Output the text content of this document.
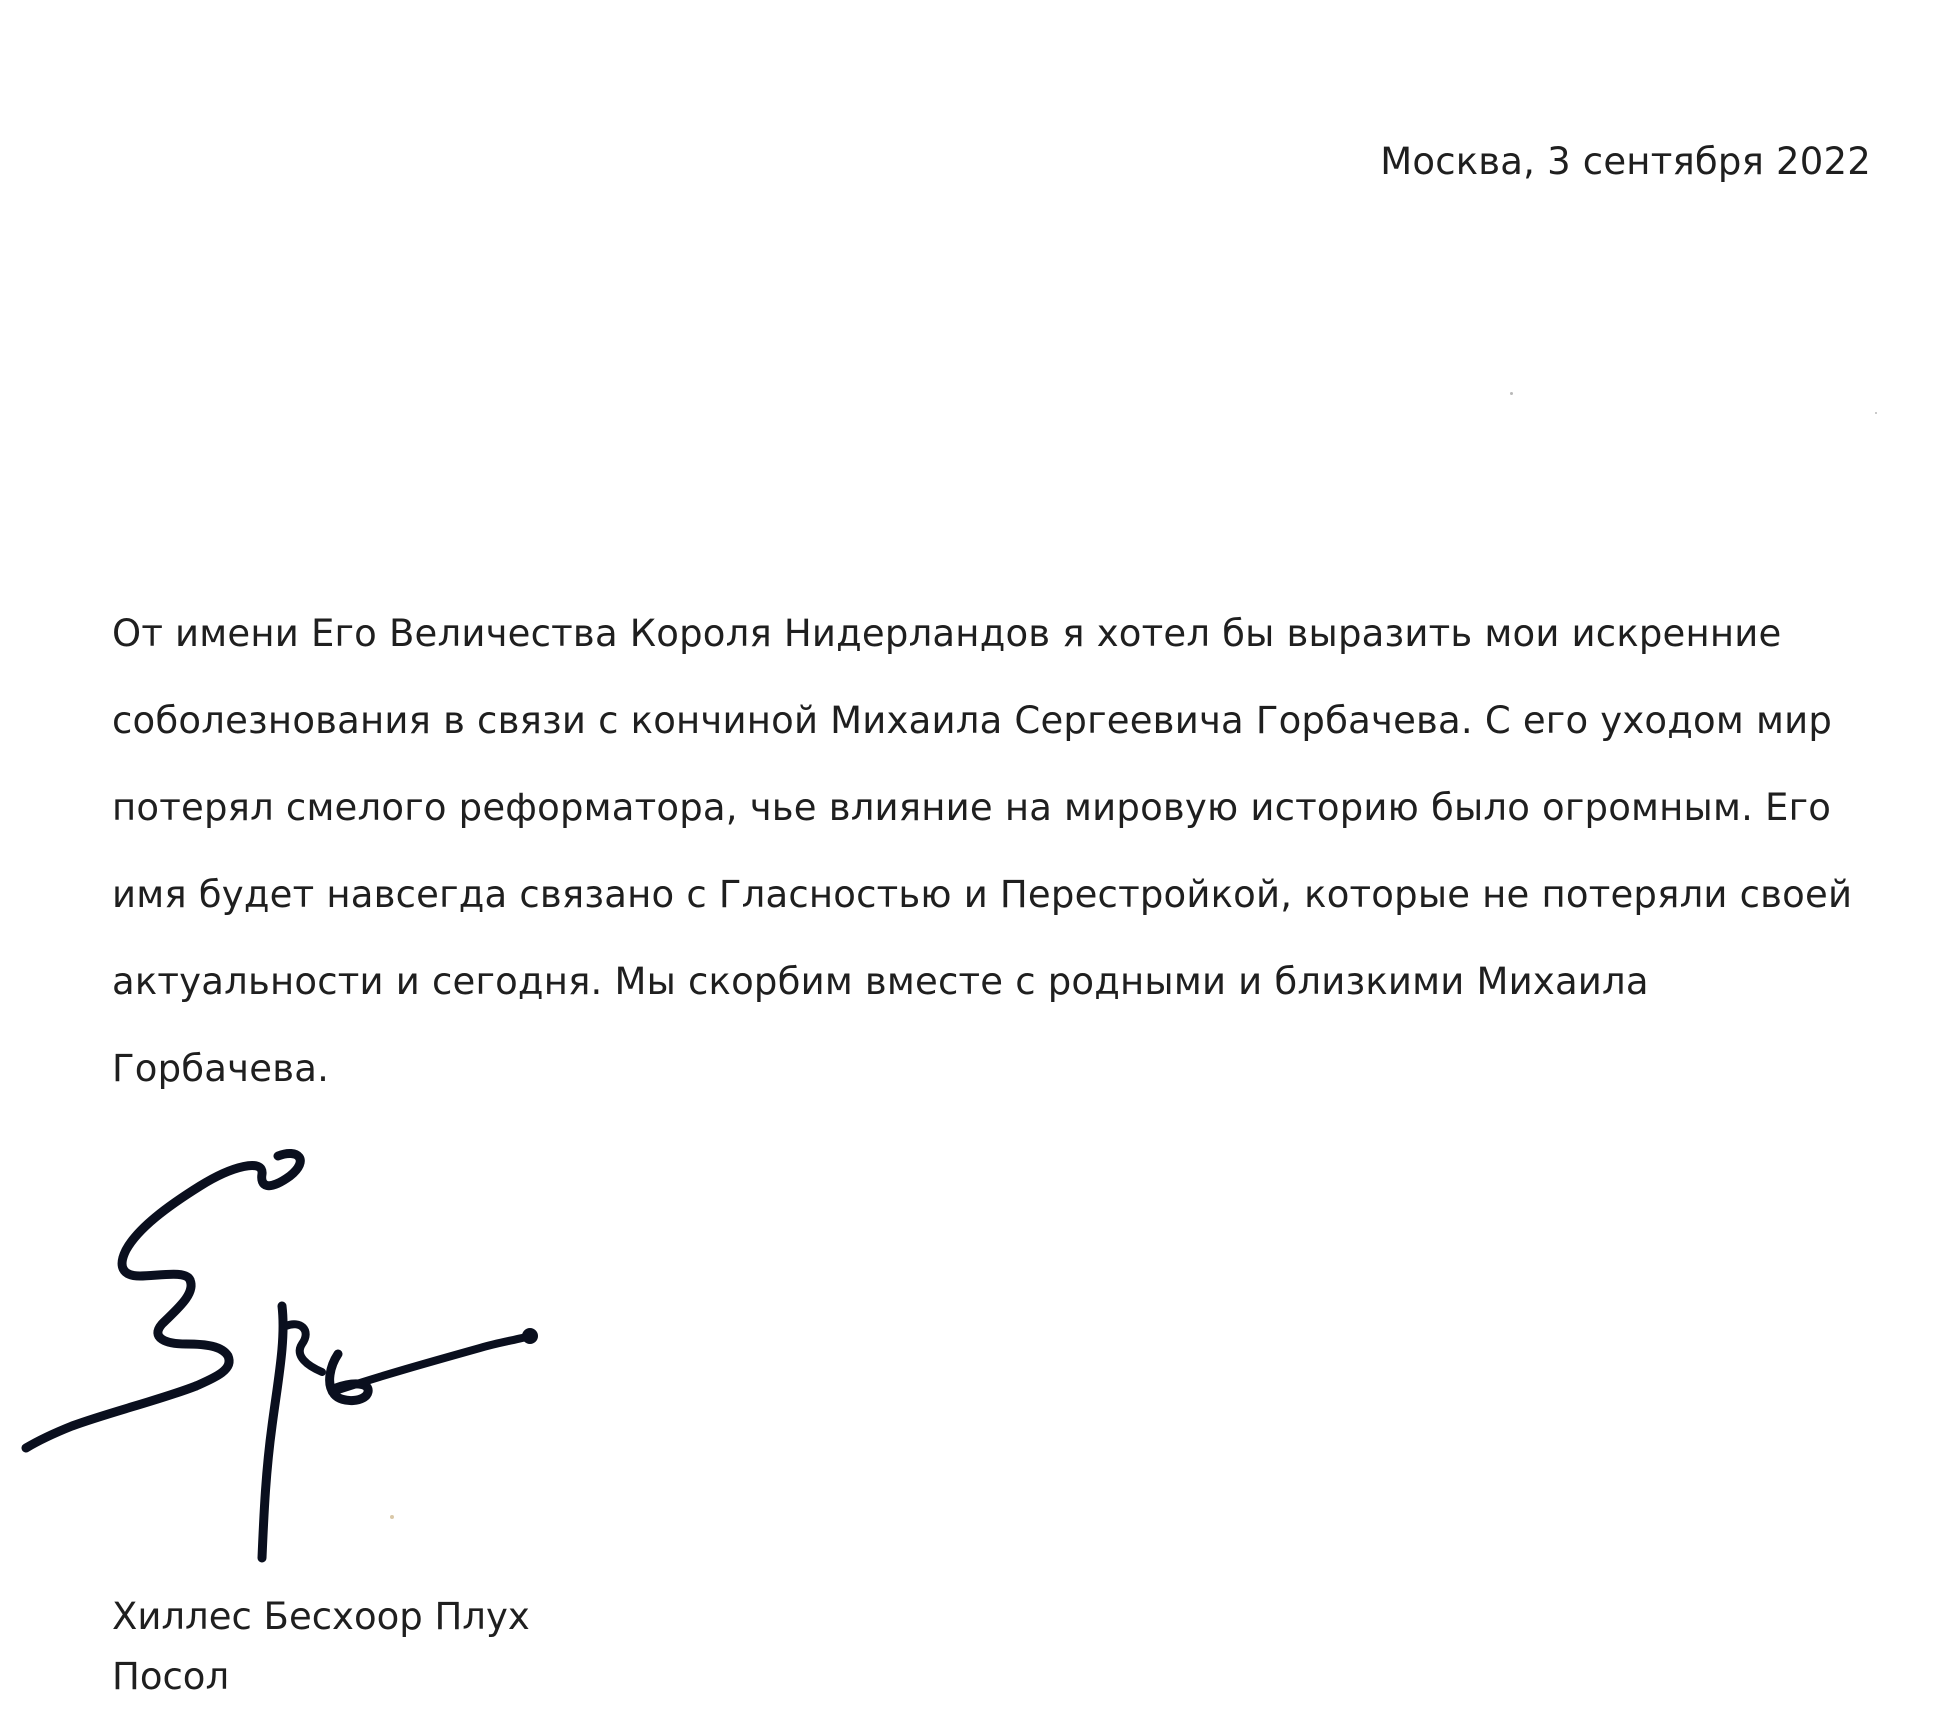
Москва, 3 сентября 2022
От имени Его Величества Короля Нидерландов я хотел бы выразить мои искренние
соболезнования в связи с кончиной Михаила Сергеевича Горбачева. С его уходом мир
потерял смелого реформатора, чье влияние на мировую историю было огромным. Его
имя будет навсегда связано с Гласностью и Перестройкой, которые не потеряли своей
актуальности и сегодня. Мы скорбим вместе с родными и близкими Михаила
Горбачева.
Хиллес Бесхоор Плух
Посол
